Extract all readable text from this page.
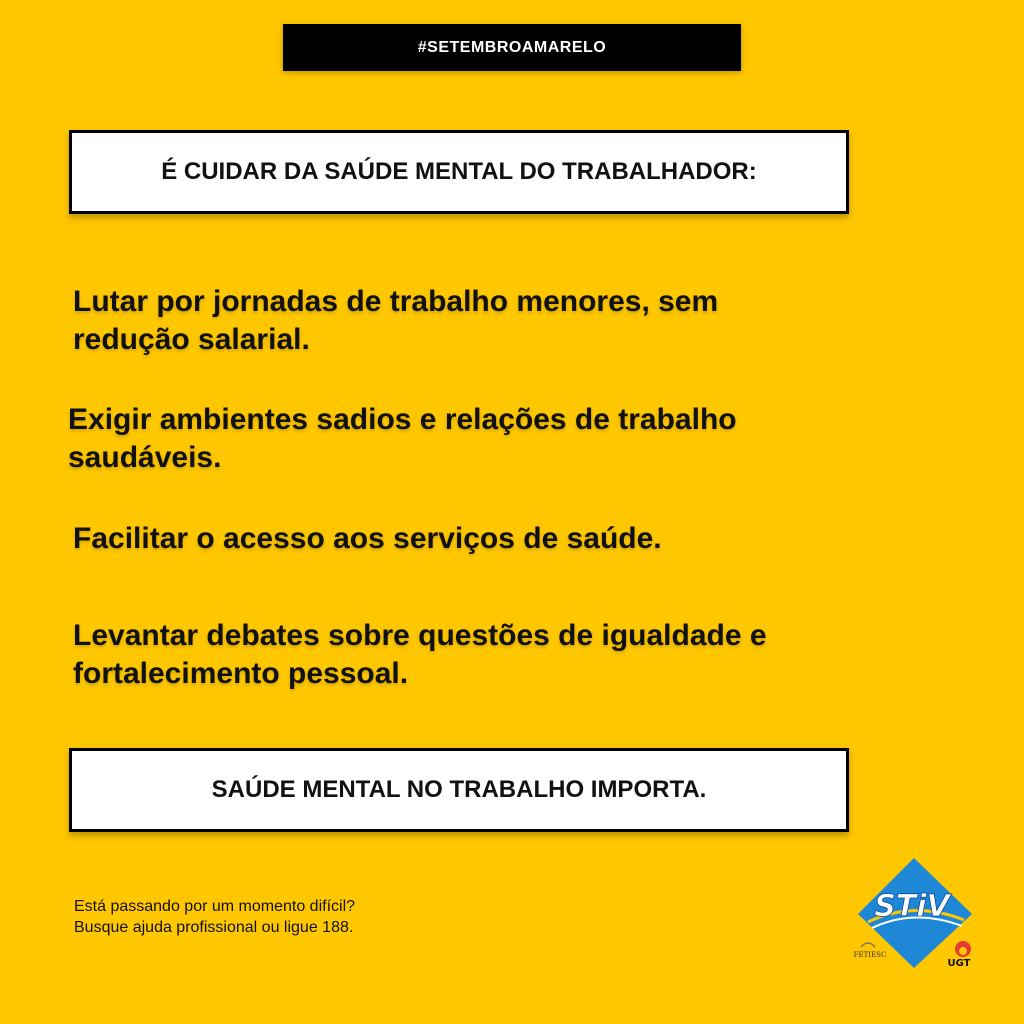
#SETEMBROAMARELO
É CUIDAR DA SAÚDE MENTAL DO TRABALHADOR:

Lutar por jornadas de trabalho menores, sem redução salarial.

Exigir ambientes sadios e relações de trabalho saudáveis.

Facilitar o acesso aos serviços de saúde.

Levantar debates sobre questões de igualdade e fortalecimento pessoal.

SAÚDE MENTAL NO TRABALHO IMPORTA.
Está passando por um momento difícil?
Busque ajuda profissional ou ligue 188.
STiV
FETIESC
UGT
